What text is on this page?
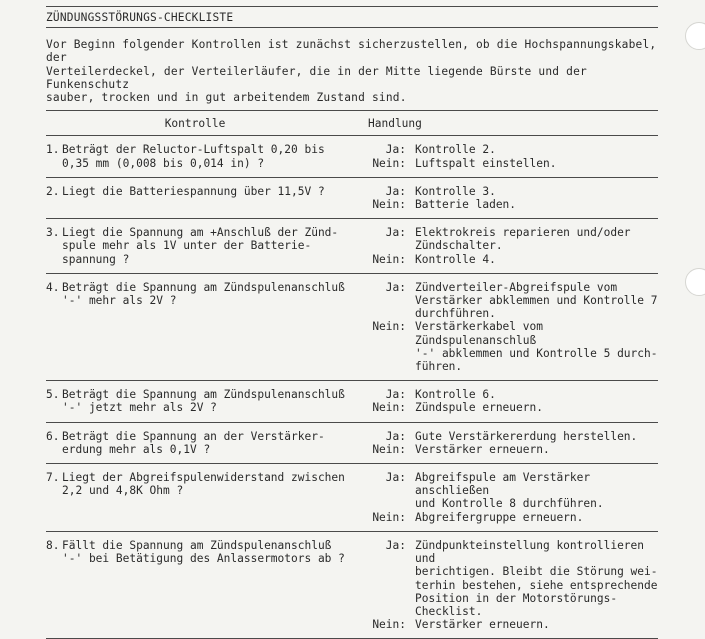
ZÜNDUNGSSTÖRUNGS-CHECKLISTE
Vor Beginn folgender Kontrollen ist zunächst sicherzustellen, ob die Hochspannungskabel, der
Verteilerdeckel, der Verteilerläufer, die in der Mitte liegende Bürste und der Funkenschutz
sauber, trocken und in gut arbeitendem Zustand sind.
Kontrolle	Handlung
1. Beträgt der Reluctor-Luftspalt 0,20 bis
0,35 mm (0,008 bis 0,014 in) ?
Ja: Kontrolle 2.
Nein: Luftspalt einstellen.
2. Liegt die Batteriespannung über 11,5V ?	Ja: Kontrolle 3.
Nein: Batterie laden.
3. Liegt die Spannung am +Anschluß der Zünd-
spule mehr als 1V unter der Batterie-
spannung ?
Ja: Elektrokreis reparieren und/oder
Zündschalter.
Nein: Kontrolle 4.
4. Beträgt die Spannung am Zündspulenanschluß
'-' mehr als 2V ?
Ja: Zündverteiler-Abgreifspule vom
Verstärker abklemmen und Kontrolle 7
durchführen.
Nein: Verstärkerkabel vom Zündspulenanschluß
'-' abklemmen und Kontrolle 5 durch-
führen.
5. Beträgt die Spannung am Zündspulenanschluß
'-' jetzt mehr als 2V ?
Ja: Kontrolle 6.
Nein: Zündspule erneuern.
6. Beträgt die Spannung an der Verstärker-
erdung mehr als 0,1V ?
Ja: Gute Verstärkererdung herstellen.
Nein: Verstärker erneuern.
7. Liegt der Abgreifspulenwiderstand zwischen
2,2 und 4,8K Ohm ?
Ja: Abgreifspule am Verstärker anschließen
und Kontrolle 8 durchführen.
Nein: Abgreifergruppe erneuern.
8. Fällt die Spannung am Zündspulenanschluß
'-' bei Betätigung des Anlassermotors ab ?
Ja: Zündpunkteinstellung kontrollieren und
berichtigen. Bleibt die Störung wei-
terhin bestehen, siehe entsprechende
Position in der Motorstörungs-
Checklist.
Nein: Verstärker erneuern.
